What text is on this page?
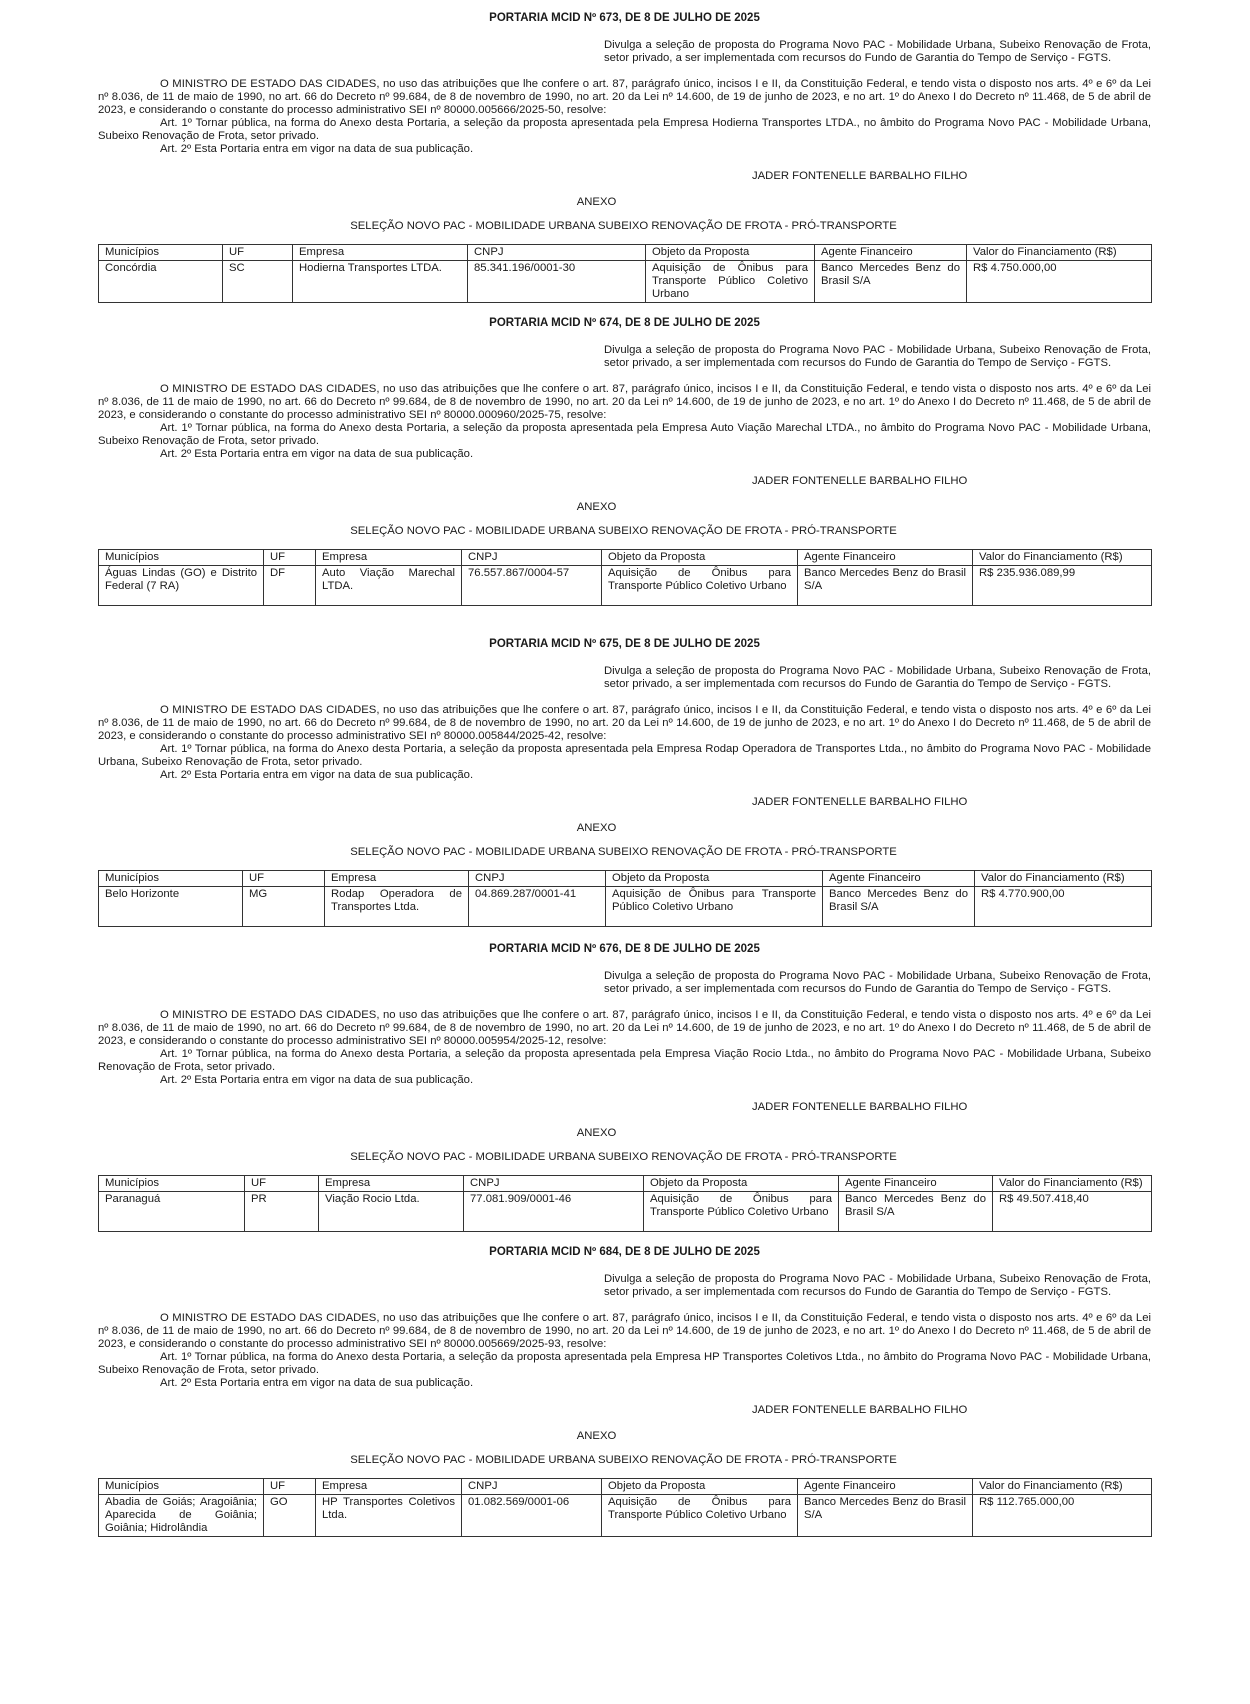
PORTARIA MCID Nº 673, DE 8 DE JULHO DE 2025
Divulga a seleção de proposta do Programa Novo PAC - Mobilidade Urbana, Subeixo Renovação de Frota, setor privado, a ser implementada com recursos do Fundo de Garantia do Tempo de Serviço - FGTS.

O MINISTRO DE ESTADO DAS CIDADES, no uso das atribuições que lhe confere o art. 87, parágrafo único, incisos I e II, da Constituição Federal, e tendo vista o disposto nos arts. 4º e 6º da Lei nº 8.036, de 11 de maio de 1990, no art. 66 do Decreto nº 99.684, de 8 de novembro de 1990, no art. 20 da Lei nº 14.600, de 19 de junho de 2023, e no art. 1º do Anexo I do Decreto nº 11.468, de 5 de abril de 2023, e considerando o constante do processo administrativo SEI nº 80000.005666/2025-50, resolve:

Art. 1º Tornar pública, na forma do Anexo desta Portaria, a seleção da proposta apresentada pela Empresa Hodierna Transportes LTDA., no âmbito do Programa Novo PAC - Mobilidade Urbana, Subeixo Renovação de Frota, setor privado.

Art. 2º Esta Portaria entra em vigor na data de sua publicação.

JADER FONTENELLE BARBALHO FILHO
ANEXO
SELEÇÃO NOVO PAC - MOBILIDADE URBANA SUBEIXO RENOVAÇÃO DE FROTA - PRÓ-TRANSPORTE
Municípios	UF	Empresa	CNPJ	Objeto da Proposta	Agente Financeiro	Valor do Financiamento (R$)
Concórdia	SC	Hodierna Transportes LTDA.	85.341.196/0001-30	Aquisição de Ônibus para Transporte Público Coletivo Urbano	Banco Mercedes Benz do Brasil S/A	R$ 4.750.000,00
PORTARIA MCID Nº 674, DE 8 DE JULHO DE 2025
Divulga a seleção de proposta do Programa Novo PAC - Mobilidade Urbana, Subeixo Renovação de Frota, setor privado, a ser implementada com recursos do Fundo de Garantia do Tempo de Serviço - FGTS.

O MINISTRO DE ESTADO DAS CIDADES, no uso das atribuições que lhe confere o art. 87, parágrafo único, incisos I e II, da Constituição Federal, e tendo vista o disposto nos arts. 4º e 6º da Lei nº 8.036, de 11 de maio de 1990, no art. 66 do Decreto nº 99.684, de 8 de novembro de 1990, no art. 20 da Lei nº 14.600, de 19 de junho de 2023, e no art. 1º do Anexo I do Decreto nº 11.468, de 5 de abril de 2023, e considerando o constante do processo administrativo SEI nº 80000.000960/2025-75, resolve:

Art. 1º Tornar pública, na forma do Anexo desta Portaria, a seleção da proposta apresentada pela Empresa Auto Viação Marechal LTDA., no âmbito do Programa Novo PAC - Mobilidade Urbana, Subeixo Renovação de Frota, setor privado.

Art. 2º Esta Portaria entra em vigor na data de sua publicação.

JADER FONTENELLE BARBALHO FILHO
ANEXO
SELEÇÃO NOVO PAC - MOBILIDADE URBANA SUBEIXO RENOVAÇÃO DE FROTA - PRÓ-TRANSPORTE
Municípios	UF	Empresa	CNPJ	Objeto da Proposta	Agente Financeiro	Valor do Financiamento (R$)
Águas Lindas (GO) e Distrito Federal (7 RA)	DF	Auto Viação Marechal LTDA.	76.557.867/0004-57	Aquisição de Ônibus para Transporte Público Coletivo Urbano	Banco Mercedes Benz do Brasil S/A	R$ 235.936.089,99
PORTARIA MCID Nº 675, DE 8 DE JULHO DE 2025
Divulga a seleção de proposta do Programa Novo PAC - Mobilidade Urbana, Subeixo Renovação de Frota, setor privado, a ser implementada com recursos do Fundo de Garantia do Tempo de Serviço - FGTS.

O MINISTRO DE ESTADO DAS CIDADES, no uso das atribuições que lhe confere o art. 87, parágrafo único, incisos I e II, da Constituição Federal, e tendo vista o disposto nos arts. 4º e 6º da Lei nº 8.036, de 11 de maio de 1990, no art. 66 do Decreto nº 99.684, de 8 de novembro de 1990, no art. 20 da Lei nº 14.600, de 19 de junho de 2023, e no art. 1º do Anexo I do Decreto nº 11.468, de 5 de abril de 2023, e considerando o constante do processo administrativo SEI nº 80000.005844/2025-42, resolve:

Art. 1º Tornar pública, na forma do Anexo desta Portaria, a seleção da proposta apresentada pela Empresa Rodap Operadora de Transportes Ltda., no âmbito do Programa Novo PAC - Mobilidade Urbana, Subeixo Renovação de Frota, setor privado.

Art. 2º Esta Portaria entra em vigor na data de sua publicação.

JADER FONTENELLE BARBALHO FILHO
ANEXO
SELEÇÃO NOVO PAC - MOBILIDADE URBANA SUBEIXO RENOVAÇÃO DE FROTA - PRÓ-TRANSPORTE
Municípios	UF	Empresa	CNPJ	Objeto da Proposta	Agente Financeiro	Valor do Financiamento (R$)
Belo Horizonte	MG	Rodap Operadora de Transportes Ltda.	04.869.287/0001-41	Aquisição de Ônibus para Transporte Público Coletivo Urbano	Banco Mercedes Benz do Brasil S/A	R$ 4.770.900,00
PORTARIA MCID Nº 676, DE 8 DE JULHO DE 2025
Divulga a seleção de proposta do Programa Novo PAC - Mobilidade Urbana, Subeixo Renovação de Frota, setor privado, a ser implementada com recursos do Fundo de Garantia do Tempo de Serviço - FGTS.

O MINISTRO DE ESTADO DAS CIDADES, no uso das atribuições que lhe confere o art. 87, parágrafo único, incisos I e II, da Constituição Federal, e tendo vista o disposto nos arts. 4º e 6º da Lei nº 8.036, de 11 de maio de 1990, no art. 66 do Decreto nº 99.684, de 8 de novembro de 1990, no art. 20 da Lei nº 14.600, de 19 de junho de 2023, e no art. 1º do Anexo I do Decreto nº 11.468, de 5 de abril de 2023, e considerando o constante do processo administrativo SEI nº 80000.005954/2025-12, resolve:

Art. 1º Tornar pública, na forma do Anexo desta Portaria, a seleção da proposta apresentada pela Empresa Viação Rocio Ltda., no âmbito do Programa Novo PAC - Mobilidade Urbana, Subeixo Renovação de Frota, setor privado.

Art. 2º Esta Portaria entra em vigor na data de sua publicação.

JADER FONTENELLE BARBALHO FILHO
ANEXO
SELEÇÃO NOVO PAC - MOBILIDADE URBANA SUBEIXO RENOVAÇÃO DE FROTA - PRÓ-TRANSPORTE
Municípios	UF	Empresa	CNPJ	Objeto da Proposta	Agente Financeiro	Valor do Financiamento (R$)
Paranaguá	PR	Viação Rocio Ltda.	77.081.909/0001-46	Aquisição de Ônibus para Transporte Público Coletivo Urbano	Banco Mercedes Benz do Brasil S/A	R$ 49.507.418,40
PORTARIA MCID Nº 684, DE 8 DE JULHO DE 2025
Divulga a seleção de proposta do Programa Novo PAC - Mobilidade Urbana, Subeixo Renovação de Frota, setor privado, a ser implementada com recursos do Fundo de Garantia do Tempo de Serviço - FGTS.

O MINISTRO DE ESTADO DAS CIDADES, no uso das atribuições que lhe confere o art. 87, parágrafo único, incisos I e II, da Constituição Federal, e tendo vista o disposto nos arts. 4º e 6º da Lei nº 8.036, de 11 de maio de 1990, no art. 66 do Decreto nº 99.684, de 8 de novembro de 1990, no art. 20 da Lei nº 14.600, de 19 de junho de 2023, e no art. 1º do Anexo I do Decreto nº 11.468, de 5 de abril de 2023, e considerando o constante do processo administrativo SEI nº 80000.005669/2025-93, resolve:

Art. 1º Tornar pública, na forma do Anexo desta Portaria, a seleção da proposta apresentada pela Empresa HP Transportes Coletivos Ltda., no âmbito do Programa Novo PAC - Mobilidade Urbana, Subeixo Renovação de Frota, setor privado.

Art. 2º Esta Portaria entra em vigor na data de sua publicação.

JADER FONTENELLE BARBALHO FILHO
ANEXO
SELEÇÃO NOVO PAC - MOBILIDADE URBANA SUBEIXO RENOVAÇÃO DE FROTA - PRÓ-TRANSPORTE
Municípios	UF	Empresa	CNPJ	Objeto da Proposta	Agente Financeiro	Valor do Financiamento (R$)
Abadia de Goiás; Aragoiânia; Aparecida de Goiânia; Goiânia; Hidrolândia	GO	HP Transportes Coletivos Ltda.	01.082.569/0001-06	Aquisição de Ônibus para Transporte Público Coletivo Urbano	Banco Mercedes Benz do Brasil S/A	R$ 112.765.000,00
